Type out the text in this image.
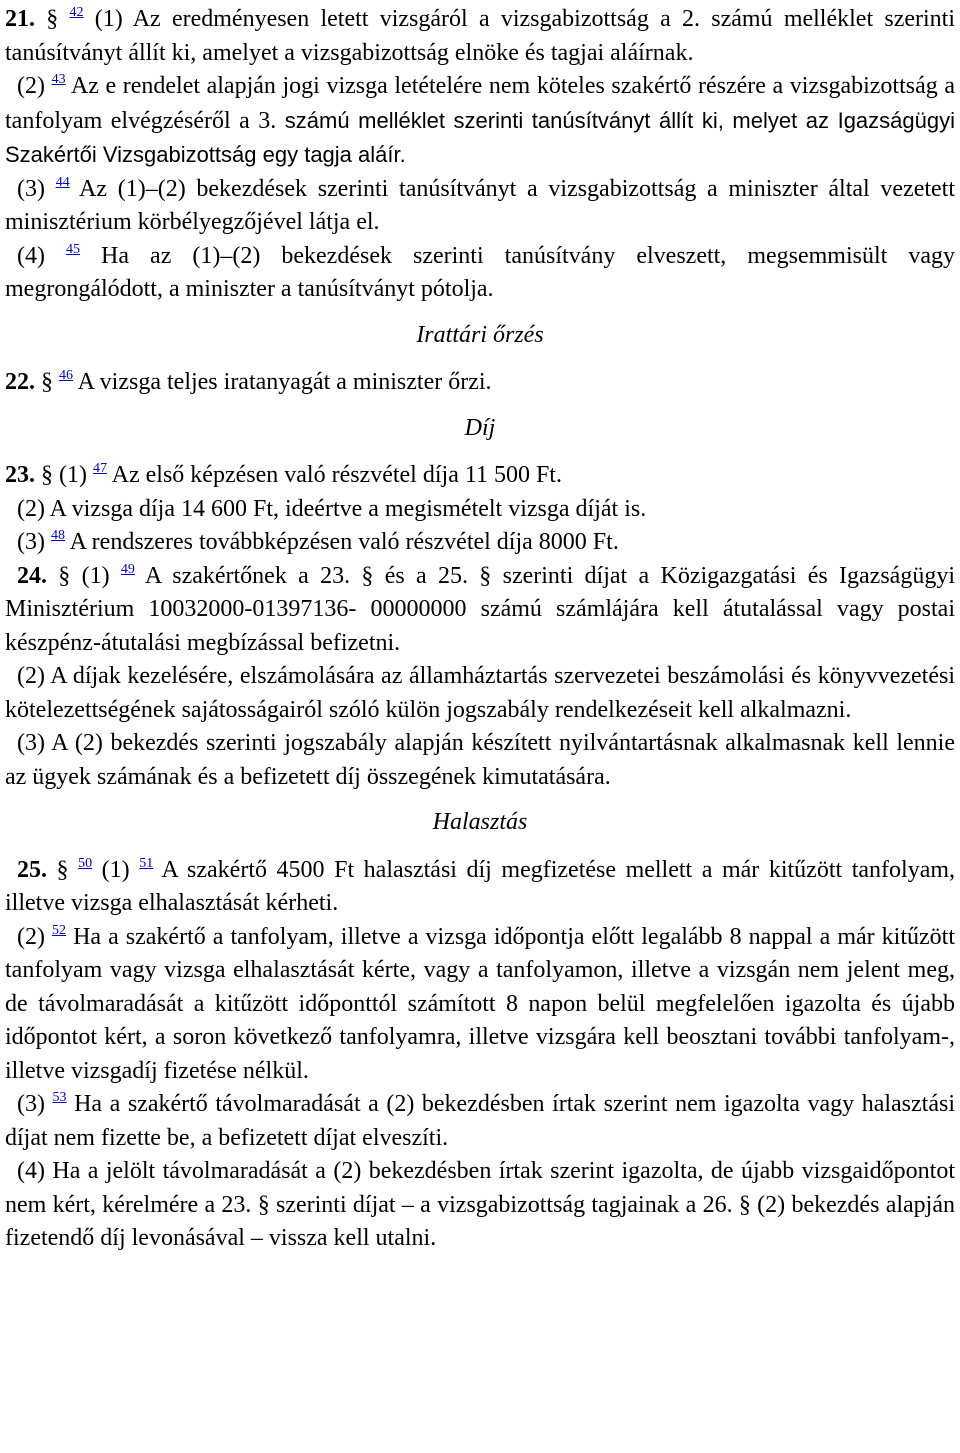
21. § $^{42}$ (1) Az eredményesen letett vizsgáról a vizsgabizottság a 2. számú melléklet szerinti tanúsítványt állít ki, amelyet a vizsgabizottság elnöke és tagjai aláírnak.

(2) $^{43}$ Az e rendelet alapján jogi vizsga letételére nem köteles szakértő részére a vizsgabizottság a tanfolyam elvégzéséről a 3. számú melléklet szerinti tanúsítványt állít ki, melyet az Igazságügyi Szakértői Vizsgabizottság egy tagja aláír.

(3) $^{44}$ Az (1)–(2) bekezdések szerinti tanúsítványt a vizsgabizottság a miniszter által vezetett minisztérium körbélyegzőjével látja el.

(4) $^{45}$ Ha az (1)–(2) bekezdések szerinti tanúsítvány elveszett, megsemmisült vagy megrongálódott, a miniszter a tanúsítványt pótolja.

Irattári őrzés

22. § $^{46}$ A vizsga teljes iratanyagát a miniszter őrzi.

Díj

23. § (1) $^{47}$ Az első képzésen való részvétel díja 11 500 Ft.

(2) A vizsga díja 14 600 Ft, ideértve a megismételt vizsga díját is.

(3) $^{48}$ A rendszeres továbbképzésen való részvétel díja 8000 Ft.

24. § (1) $^{49}$ A szakértőnek a 23. § és a 25. § szerinti díjat a Közigazgatási és Igazságügyi Minisztérium 10032000-01397136- 00000000 számú számlájára kell átutalással vagy postai készpénz-átutalási megbízással befizetni.

(2) A díjak kezelésére, elszámolására az államháztartás szervezetei beszámolási és könyvvezetési kötelezettségének sajátosságairól szóló külön jogszabály rendelkezéseit kell alkalmazni.

(3) A (2) bekezdés szerinti jogszabály alapján készített nyilvántartásnak alkalmasnak kell lennie az ügyek számának és a befizetett díj összegének kimutatására.

Halasztás

25. § $^{50}$ (1) $^{51}$ A szakértő 4500 Ft halasztási díj megfizetése mellett a már kitűzött tanfolyam, illetve vizsga elhalasztását kérheti.

(2) $^{52}$ Ha a szakértő a tanfolyam, illetve a vizsga időpontja előtt legalább 8 nappal a már kitűzött tanfolyam vagy vizsga elhalasztását kérte, vagy a tanfolyamon, illetve a vizsgán nem jelent meg, de távolmaradását a kitűzött időponttól számított 8 napon belül megfelelően igazolta és újabb időpontot kért, a soron következő tanfolyamra, illetve vizsgára kell beosztani további tanfolyam-, illetve vizsgadíj fizetése nélkül.

(3) $^{53}$ Ha a szakértő távolmaradását a (2) bekezdésben írtak szerint nem igazolta vagy halasztási díjat nem fizette be, a befizetett díjat elveszíti.

(4) Ha a jelölt távolmaradását a (2) bekezdésben írtak szerint igazolta, de újabb vizsgaidőpontot nem kért, kérelmére a 23. § szerinti díjat – a vizsgabizottság tagjainak a 26. § (2) bekezdés alapján fizetendő díj levonásával – vissza kell utalni.
